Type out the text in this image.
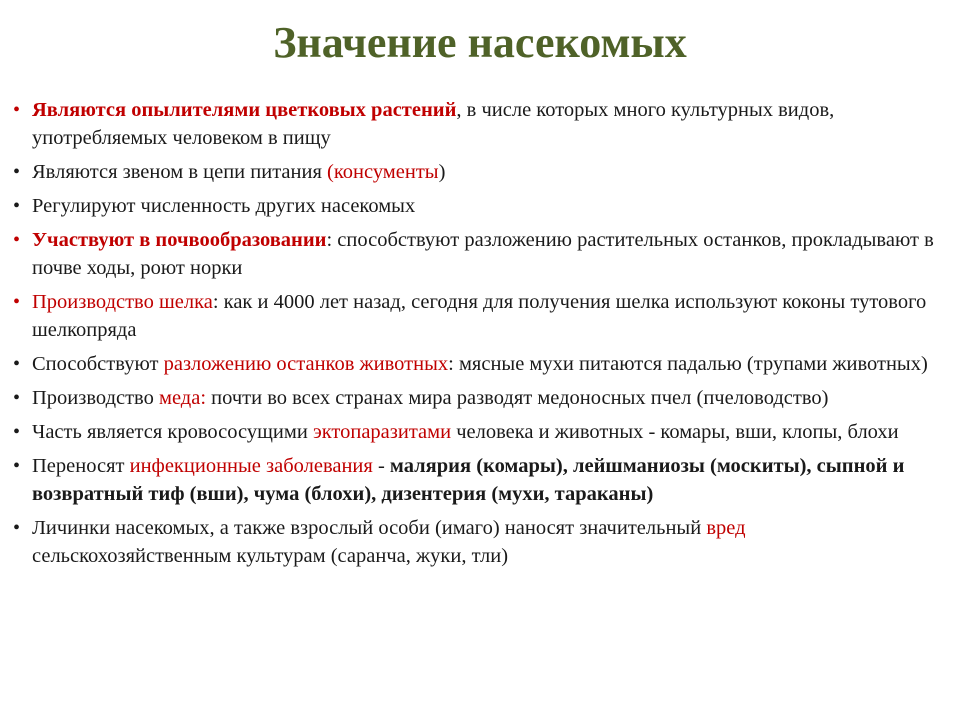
Значение насекомых
• Являются опылителями цветковых растений, в числе которых много культурных видов, употребляемых человеком в пищу
• Являются звеном в цепи питания (консументы)
• Регулируют численность других насекомых
• Участвуют в почвообразовании: способствуют разложению растительных останков, прокладывают в почве ходы, роют норки
• Производство шелка: как и 4000 лет назад, сегодня для получения шелка используют коконы тутового шелкопряда
• Способствуют разложению останков животных: мясные мухи питаются падалью (трупами животных)
• Производство меда: почти во всех странах мира разводят медоносных пчел (пчеловодство)
• Часть является кровососущими эктопаразитами человека и животных - комары, вши, клопы, блохи
• Переносят инфекционные заболевания - малярия (комары), лейшманиозы (москиты), сыпной и возвратный тиф (вши), чума (блохи), дизентерия (мухи, тараканы)
• Личинки насекомых, а также взрослый особи (имаго) наносят значительный вред сельскохозяйственным культурам (саранча, жуки, тли)
